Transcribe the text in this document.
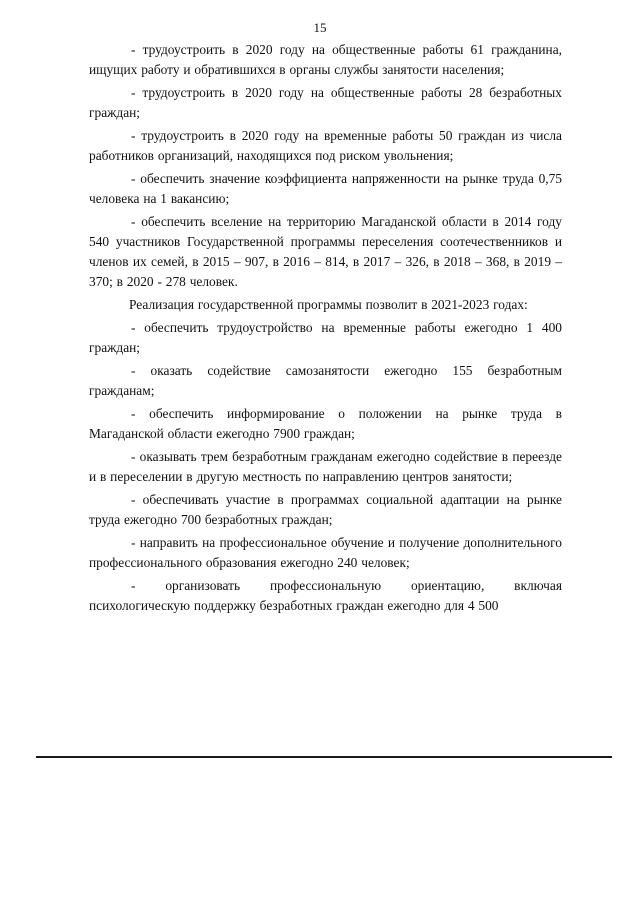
15

- трудоустроить в 2020 году на общественные работы 61 гражданина, ищущих работу и обратившихся в органы службы занятости населения;

- трудоустроить в 2020 году на общественные работы 28 безработных граждан;

- трудоустроить в 2020 году на временные работы 50 граждан из числа работников организаций, находящихся под риском увольнения;

- обеспечить значение коэффициента напряженности на рынке труда 0,75 человека на 1 вакансию;

- обеспечить вселение на территорию Магаданской области в 2014 году 540 участников Государственной программы переселения соотечественников и членов их семей, в 2015 – 907, в 2016 – 814, в 2017 – 326, в 2018 – 368, в 2019 – 370; в 2020 - 278 человек.

Реализация государственной программы позволит в 2021-2023 годах:

- обеспечить трудоустройство на временные работы ежегодно 1 400 граждан;

- оказать содействие самозанятости ежегодно 155 безработным гражданам;

- обеспечить информирование о положении на рынке труда в Магаданской области ежегодно 7900 граждан;

- оказывать трем безработным гражданам ежегодно содействие в переезде и в переселении в другую местность по направлению центров занятости;

- обеспечивать участие в программах социальной адаптации на рынке труда ежегодно 700 безработных граждан;

- направить на профессиональное обучение и получение дополнительного профессионального образования ежегодно 240 человек;

- организовать профессиональную ориентацию, включая психологическую поддержку безработных граждан ежегодно для 4 500
